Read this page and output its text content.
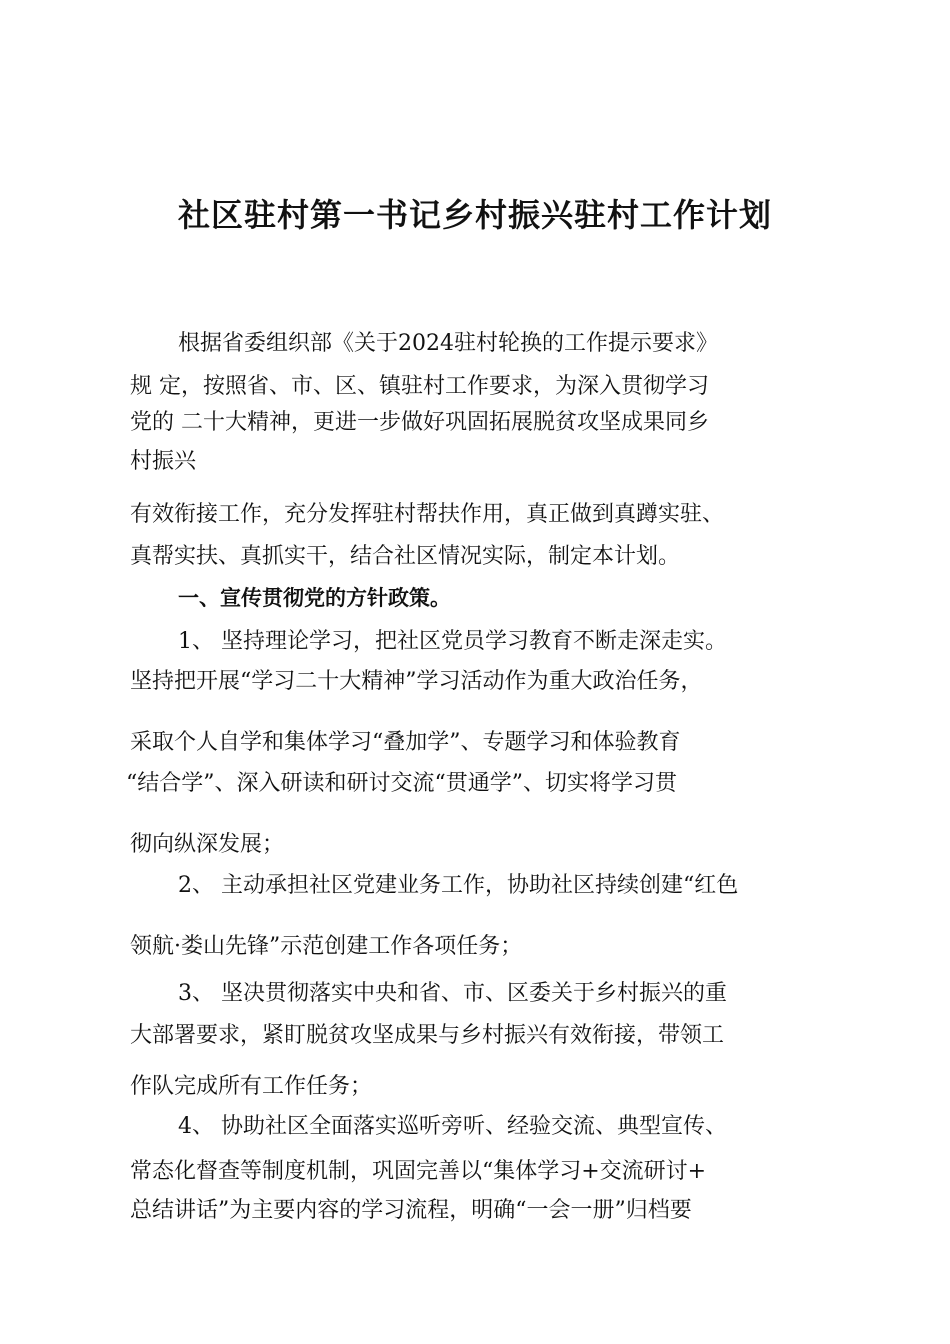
社区驻村第一书记乡村振兴驻村工作计划
根据省委组织部《关于2024驻村轮换的工作提示要求》
规 定，按照省、市、区、镇驻村工作要求，为深入贯彻学习
党的 二十大精神，更进一步做好巩固拓展脱贫攻坚成果同乡
村振兴
有效衔接工作，充分发挥驻村帮扶作用，真正做到真蹲实驻、
真帮实扶、真抓实干，结合社区情况实际，制定本计划。
一、宣传贯彻党的方针政策。
1、 坚持理论学习，把社区党员学习教育不断走深走实。
坚持把开展“学习二十大精神”学习活动作为重大政治任务，
采取个人自学和集体学习“叠加学”、专题学习和体验教育
“结合学”、深入研读和研讨交流“贯通学”、切实将学习贯
彻向纵深发展；
2、 主动承担社区党建业务工作，协助社区持续创建“红色
领航·娄山先锋”示范创建工作各项任务；
3、 坚决贯彻落实中央和省、市、区委关于乡村振兴的重
大部署要求，紧盯脱贫攻坚成果与乡村振兴有效衔接，带领工
作队完成所有工作任务；
4、 协助社区全面落实巡听旁听、经验交流、典型宣传、
常态化督查等制度机制，巩固完善以“集体学习+交流研讨+
总结讲话”为主要内容的学习流程，明确“一会一册”归档要
